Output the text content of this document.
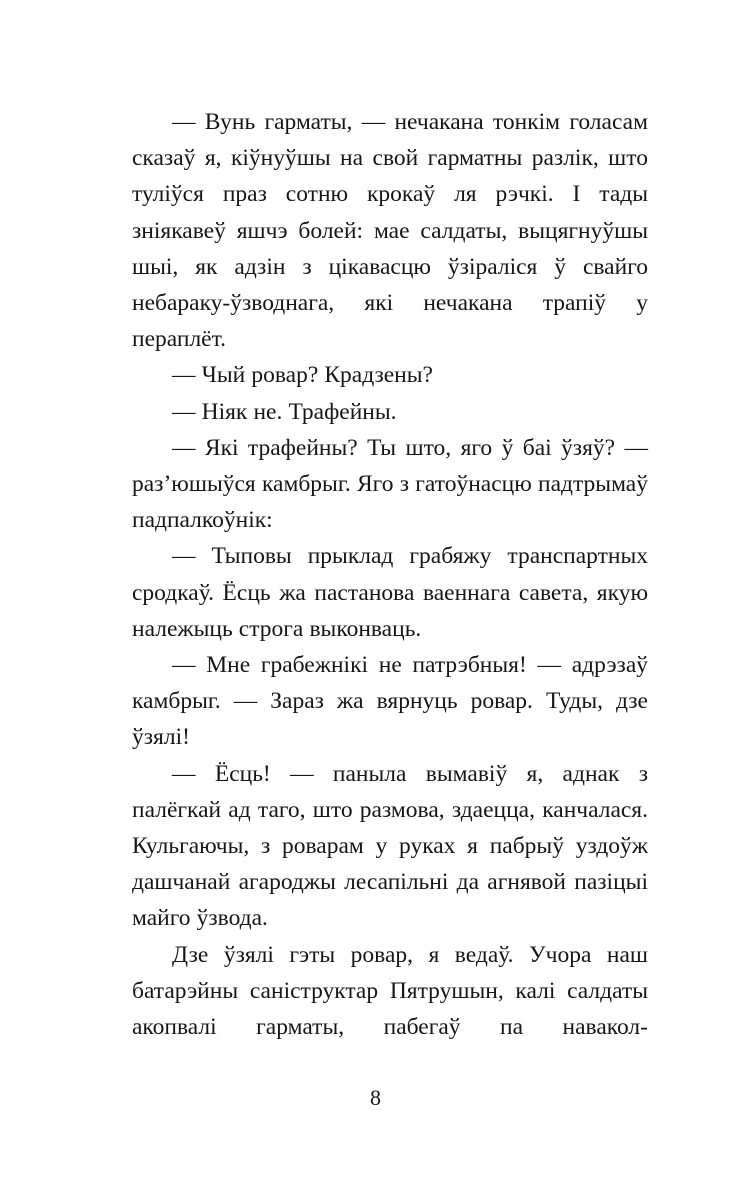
— Вунь гарматы, — нечакана тонкім голасам сказаў я, кіўнуўшы на свой гарматны разлік, што туліўся праз сотню крокаў ля рэчкі. І тады зніякавеў яшчэ болей: мае салдаты, выцягнуўшы шыі, як адзін з цікавасцю ўзіраліся ў свайго небараку-ўзводнага, які нечакана трапіў у пераплёт.

— Чый ровар? Крадзены?

— Ніяк не. Трафейны.

— Які трафейны? Ты што, яго ў баі ўзяў? — раз’юшыўся камбрыг. Яго з гатоўнасцю падтрымаў падпалкоўнік:

— Тыповы прыклад грабяжу транспартных сродкаў. Ёсць жа пастанова ваеннага савета, якую належыць строга выконваць.

— Мне грабежнікі не патрэбныя! — адрэзаў камбрыг. — Зараз жа вярнуць ровар. Туды, дзе ўзялі!

— Ёсць! — паныла вымавіў я, аднак з палёгкай ад таго, што размова, здаецца, канчалася. Кульгаючы, з роварам у руках я пабрыў уздоўж дашчанай агароджы лесапільні да агнявой пазіцыі майго ўзвода.

Дзе ўзялі гэты ровар, я ведаў. Учора наш батарэйны саніструктар Пятрушын, калі салдаты акопвалі гарматы, пабегаў па навакол-

8
